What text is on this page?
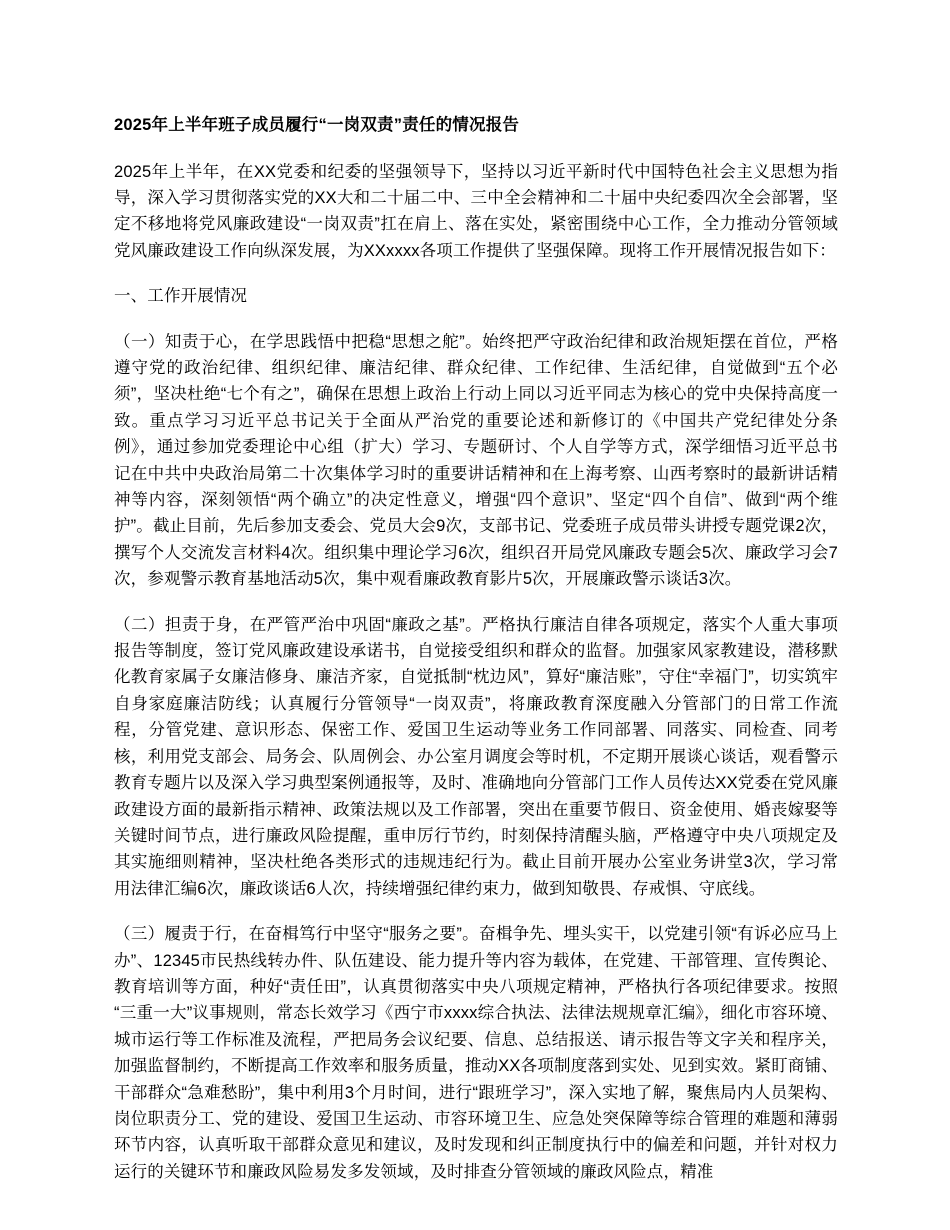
2025年上半年班子成员履行“一岗双责”责任的情况报告

2025年上半年，在XX党委和纪委的坚强领导下，坚持以习近平新时代中国特色社会主义思想为指导，深入学习贯彻落实党的XX大和二十届二中、三中全会精神和二十届中央纪委四次全会部署，坚定不移地将党风廉政建设“一岗双责”扛在肩上、落在实处，紧密围绕中心工作，全力推动分管领域党风廉政建设工作向纵深发展，为XXxxxx各项工作提供了坚强保障。现将工作开展情况报告如下：

一、工作开展情况

（一）知责于心，在学思践悟中把稳“思想之舵”。始终把严守政治纪律和政治规矩摆在首位，严格遵守党的政治纪律、组织纪律、廉洁纪律、群众纪律、工作纪律、生活纪律，自觉做到“五个必须”，坚决杜绝“七个有之”，确保在思想上政治上行动上同以习近平同志为核心的党中央保持高度一致。重点学习习近平总书记关于全面从严治党的重要论述和新修订的《中国共产党纪律处分条例》，通过参加党委理论中心组（扩大）学习、专题研讨、个人自学等方式，深学细悟习近平总书记在中共中央政治局第二十次集体学习时的重要讲话精神和在上海考察、山西考察时的最新讲话精神等内容，深刻领悟“两个确立”的决定性意义，增强“四个意识”、坚定“四个自信”、做到“两个维护”。截止目前，先后参加支委会、党员大会9次，支部书记、党委班子成员带头讲授专题党课2次，撰写个人交流发言材料4次。组织集中理论学习6次，组织召开局党风廉政专题会5次、廉政学习会7次，参观警示教育基地活动5次，集中观看廉政教育影片5次，开展廉政警示谈话3次。

（二）担责于身，在严管严治中巩固“廉政之基”。严格执行廉洁自律各项规定，落实个人重大事项报告等制度，签订党风廉政建设承诺书，自觉接受组织和群众的监督。加强家风家教建设，潜移默化教育家属子女廉洁修身、廉洁齐家，自觉抵制“枕边风”，算好“廉洁账”，守住“幸福门”，切实筑牢自身家庭廉洁防线；认真履行分管领导“一岗双责”，将廉政教育深度融入分管部门的日常工作流程，分管党建、意识形态、保密工作、爱国卫生运动等业务工作同部署、同落实、同检查、同考核，利用党支部会、局务会、队周例会、办公室月调度会等时机，不定期开展谈心谈话，观看警示教育专题片以及深入学习典型案例通报等，及时、准确地向分管部门工作人员传达XX党委在党风廉政建设方面的最新指示精神、政策法规以及工作部署，突出在重要节假日、资金使用、婚丧嫁娶等关键时间节点，进行廉政风险提醒，重申厉行节约，时刻保持清醒头脑，严格遵守中央八项规定及其实施细则精神，坚决杜绝各类形式的违规违纪行为。截止目前开展办公室业务讲堂3次，学习常用法律汇编6次，廉政谈话6人次，持续增强纪律约束力，做到知敬畏、存戒惧、守底线。

（三）履责于行，在奋楫笃行中坚守“服务之要”。奋楫争先、埋头实干，以党建引领“有诉必应马上办”、12345市民热线转办件、队伍建设、能力提升等内容为载体，在党建、干部管理、宣传舆论、教育培训等方面，种好“责任田”，认真贯彻落实中央八项规定精神，严格执行各项纪律要求。按照“三重一大”议事规则，常态长效学习《西宁市xxxx综合执法、法律法规规章汇编》，细化市容环境、城市运行等工作标准及流程，严把局务会议纪要、信息、总结报送、请示报告等文字关和程序关，加强监督制约，不断提高工作效率和服务质量，推动XX各项制度落到实处、见到实效。紧盯商铺、干部群众“急难愁盼”，集中利用3个月时间，进行“跟班学习”，深入实地了解，聚焦局内人员架构、岗位职责分工、党的建设、爱国卫生运动、市容环境卫生、应急处突保障等综合管理的难题和薄弱环节内容，认真听取干部群众意见和建议，及时发现和纠正制度执行中的偏差和问题，并针对权力运行的关键环节和廉政风险易发多发领域，及时排查分管领域的廉政风险点，精准
